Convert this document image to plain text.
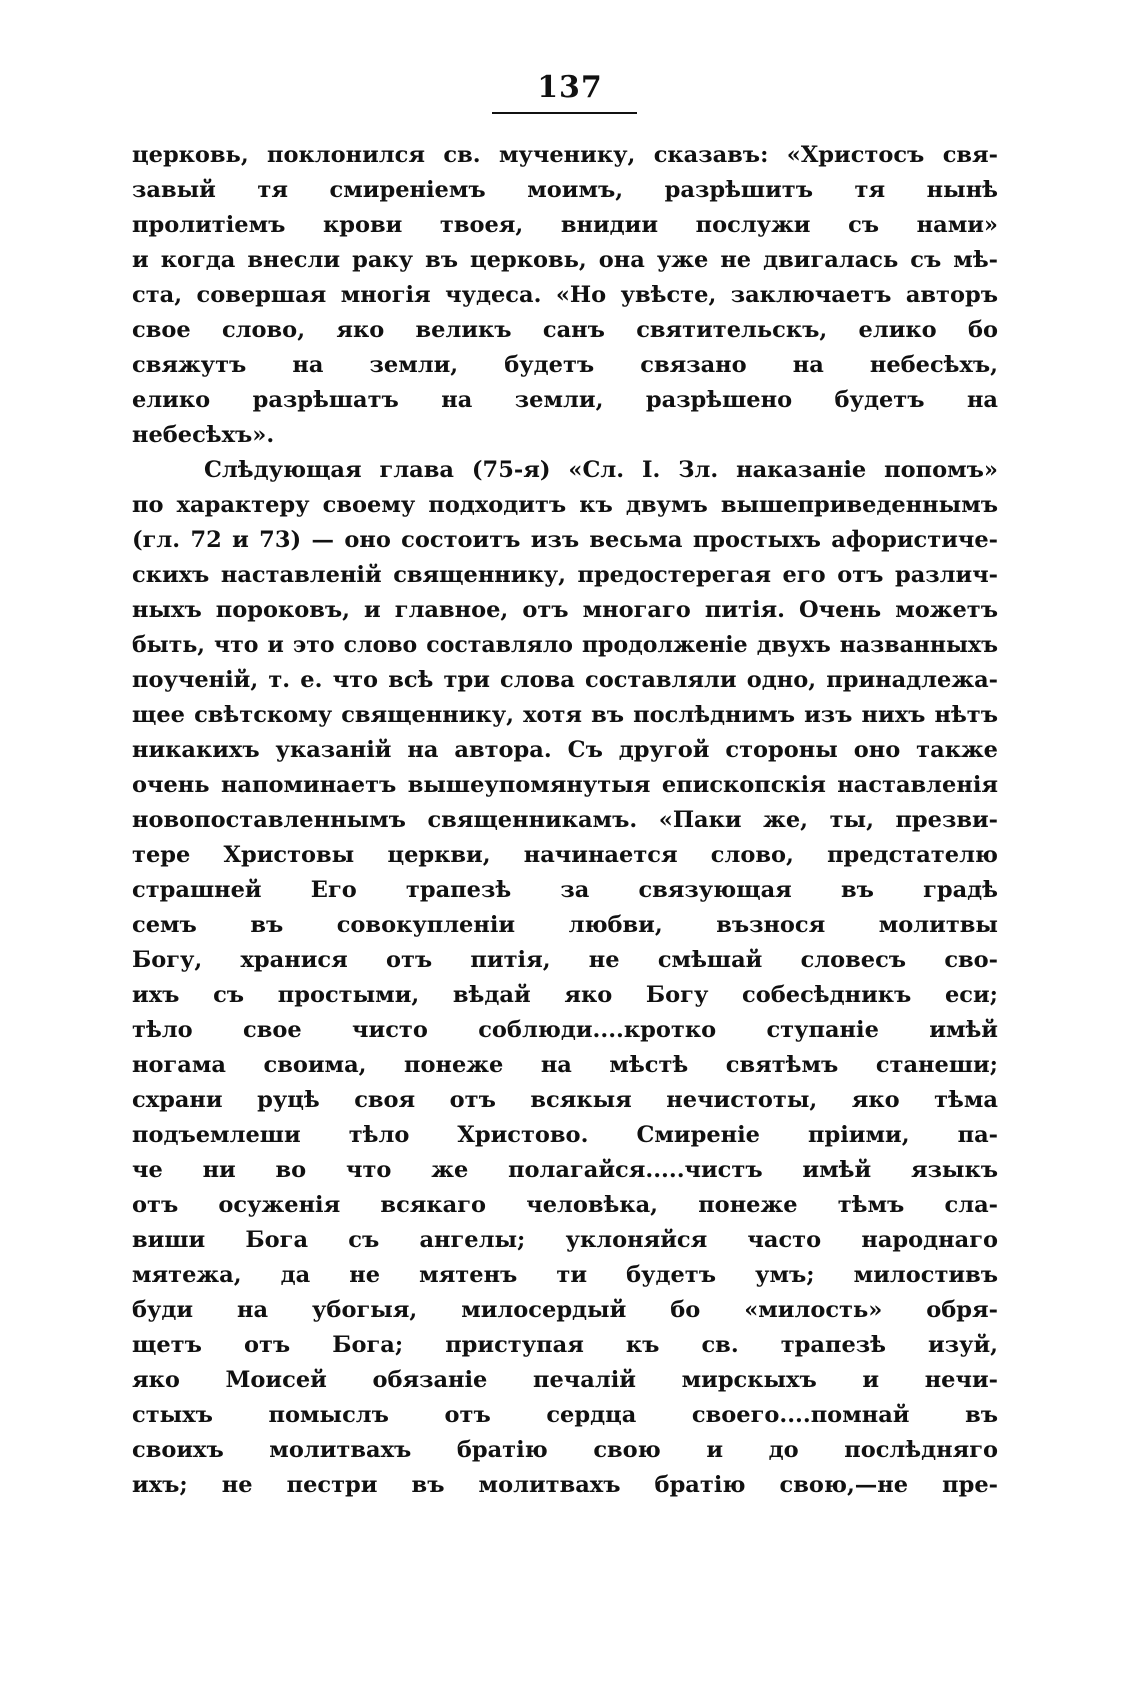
137
церковь, поклонился св. мученику, сказавъ: «Христосъ свя-
завый тя смиреніемъ моимъ, разрѣшитъ тя нынѣ
пролитіемъ крови твоея, внидии послужи съ нами»
и когда внесли раку въ церковь, она уже не двигалась съ мѣ-
ста, совершая многія чудеса. «Но увѣсте, заключаетъ авторъ
свое слово, яко великъ санъ святительскъ, елико бо
свяжутъ на земли, будетъ связано на небесѣхъ,
елико разрѣшатъ на земли, разрѣшено будетъ на
небесѣхъ».
Слѣдующая глава (75-я) «Сл. I. Зл. наказаніе попомъ»
по характеру своему подходитъ къ двумъ вышеприведеннымъ
(гл. 72 и 73) — оно состоитъ изъ весьма простыхъ афористиче-
скихъ наставленій священнику, предостерегая его отъ различ-
ныхъ пороковъ, и главное, отъ многаго питія. Очень можетъ
быть, что и это слово составляло продолженіе двухъ названныхъ
поученій, т. е. что всѣ три слова составляли одно, принадлежа-
щее свѣтскому священнику, хотя въ послѣднимъ изъ нихъ нѣтъ
никакихъ указаній на автора. Съ другой стороны оно также
очень напоминаетъ вышеупомянутыя епископскія наставленія
новопоставленнымъ священникамъ. «Паки же, ты, презви-
тере Христовы церкви, начинается слово, предстателю
страшней Его трапезѣ за связующая въ градѣ
семъ въ совокупленіи любви, възнося молитвы
Богу, хранися отъ питія, не смѣшай словесъ сво-
ихъ съ простыми, вѣдай яко Богу собесѣдникъ еси;
тѣло свое чисто соблюди....кротко ступаніе имѣй
ногама своима, понеже на мѣстѣ святѣмъ станеши;
схрани руцѣ своя отъ всякыя нечистоты, яко тѣма
подъемлеши тѣло Христово. Смиреніе пріими, па-
че ни во что же полагайся.....чистъ имѣй языкъ
отъ осуженія всякаго человѣка, понеже тѣмъ сла-
виши Бога съ ангелы; уклоняйся часто народнаго
мятежа, да не мятенъ ти будетъ умъ; милостивъ
буди на убогыя, милосердый бо «милость» обря-
щетъ отъ Бога; приступая къ св. трапезѣ изуй,
яко Моисей обязаніе печалій мирскыхъ и нечи-
стыхъ помыслъ отъ сердца своего....помнай въ
своихъ молитвахъ братію свою и до послѣдняго
ихъ; не пестри въ молитвахъ братію свою,—не пре-
